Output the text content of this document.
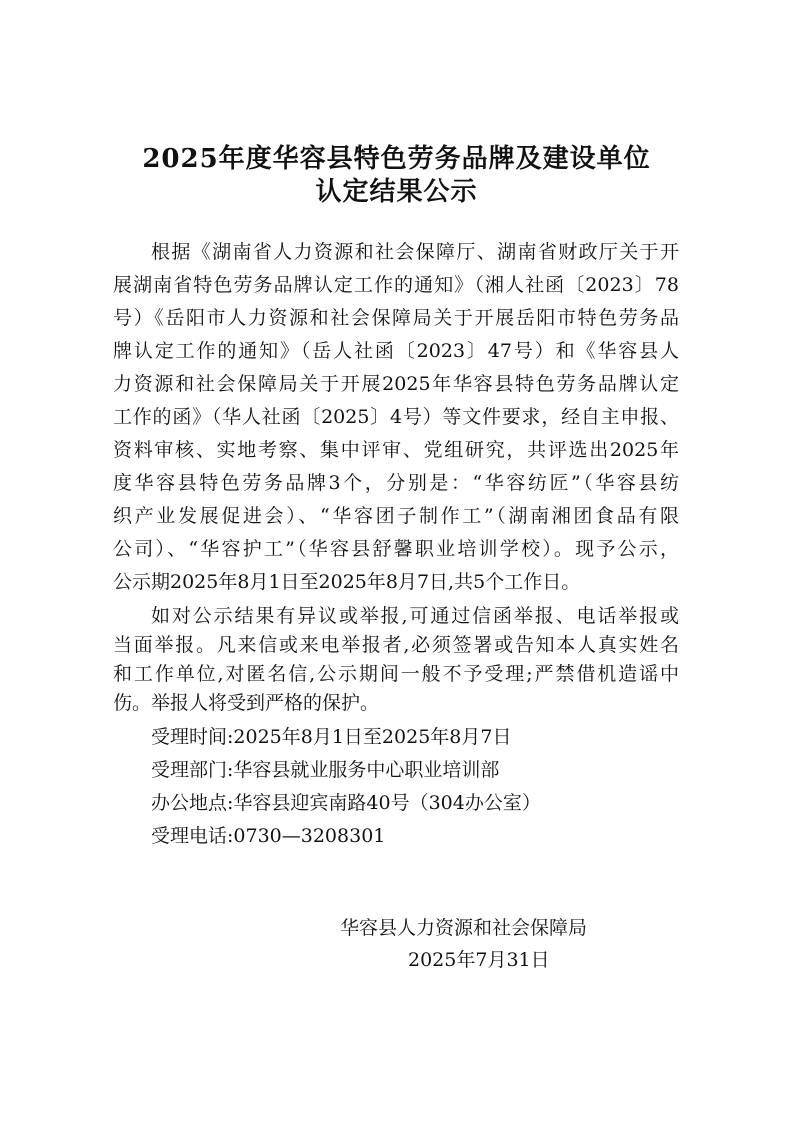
2025年度华容县特色劳务品牌及建设单位
认定结果公示
根据《湖南省人力资源和社会保障厅、湖南省财政厅关于开
展湖南省特色劳务品牌认定工作的通知》（湘人社函〔2023〕78
号）《岳阳市人力资源和社会保障局关于开展岳阳市特色劳务品
牌认定工作的通知》（岳人社函〔2023〕47号）和《华容县人
力资源和社会保障局关于开展2025年华容县特色劳务品牌认定
工作的函》（华人社函〔2025〕4号）等文件要求，经自主申报、
资料审核、实地考察、集中评审、党组研究，共评选出2025年
度华容县特色劳务品牌3个，分别是：“华容纺匠”（华容县纺
织产业发展促进会）、“华容团子制作工”（湖南湘团食品有限
公司）、“华容护工”（华容县舒馨职业培训学校）。现予公示，
公示期2025年8月1日至2025年8月7日,共5个工作日。
如对公示结果有异议或举报,可通过信函举报、电话举报或
当面举报。凡来信或来电举报者,必须签署或告知本人真实姓名
和工作单位,对匿名信,公示期间一般不予受理;严禁借机造谣中
伤。举报人将受到严格的保护。
受理时间:2025年8月1日至2025年8月7日
受理部门:华容县就业服务中心职业培训部
办公地点:华容县迎宾南路40号（304办公室）
受理电话:0730—3208301
华容县人力资源和社会保障局
2025年7月31日
